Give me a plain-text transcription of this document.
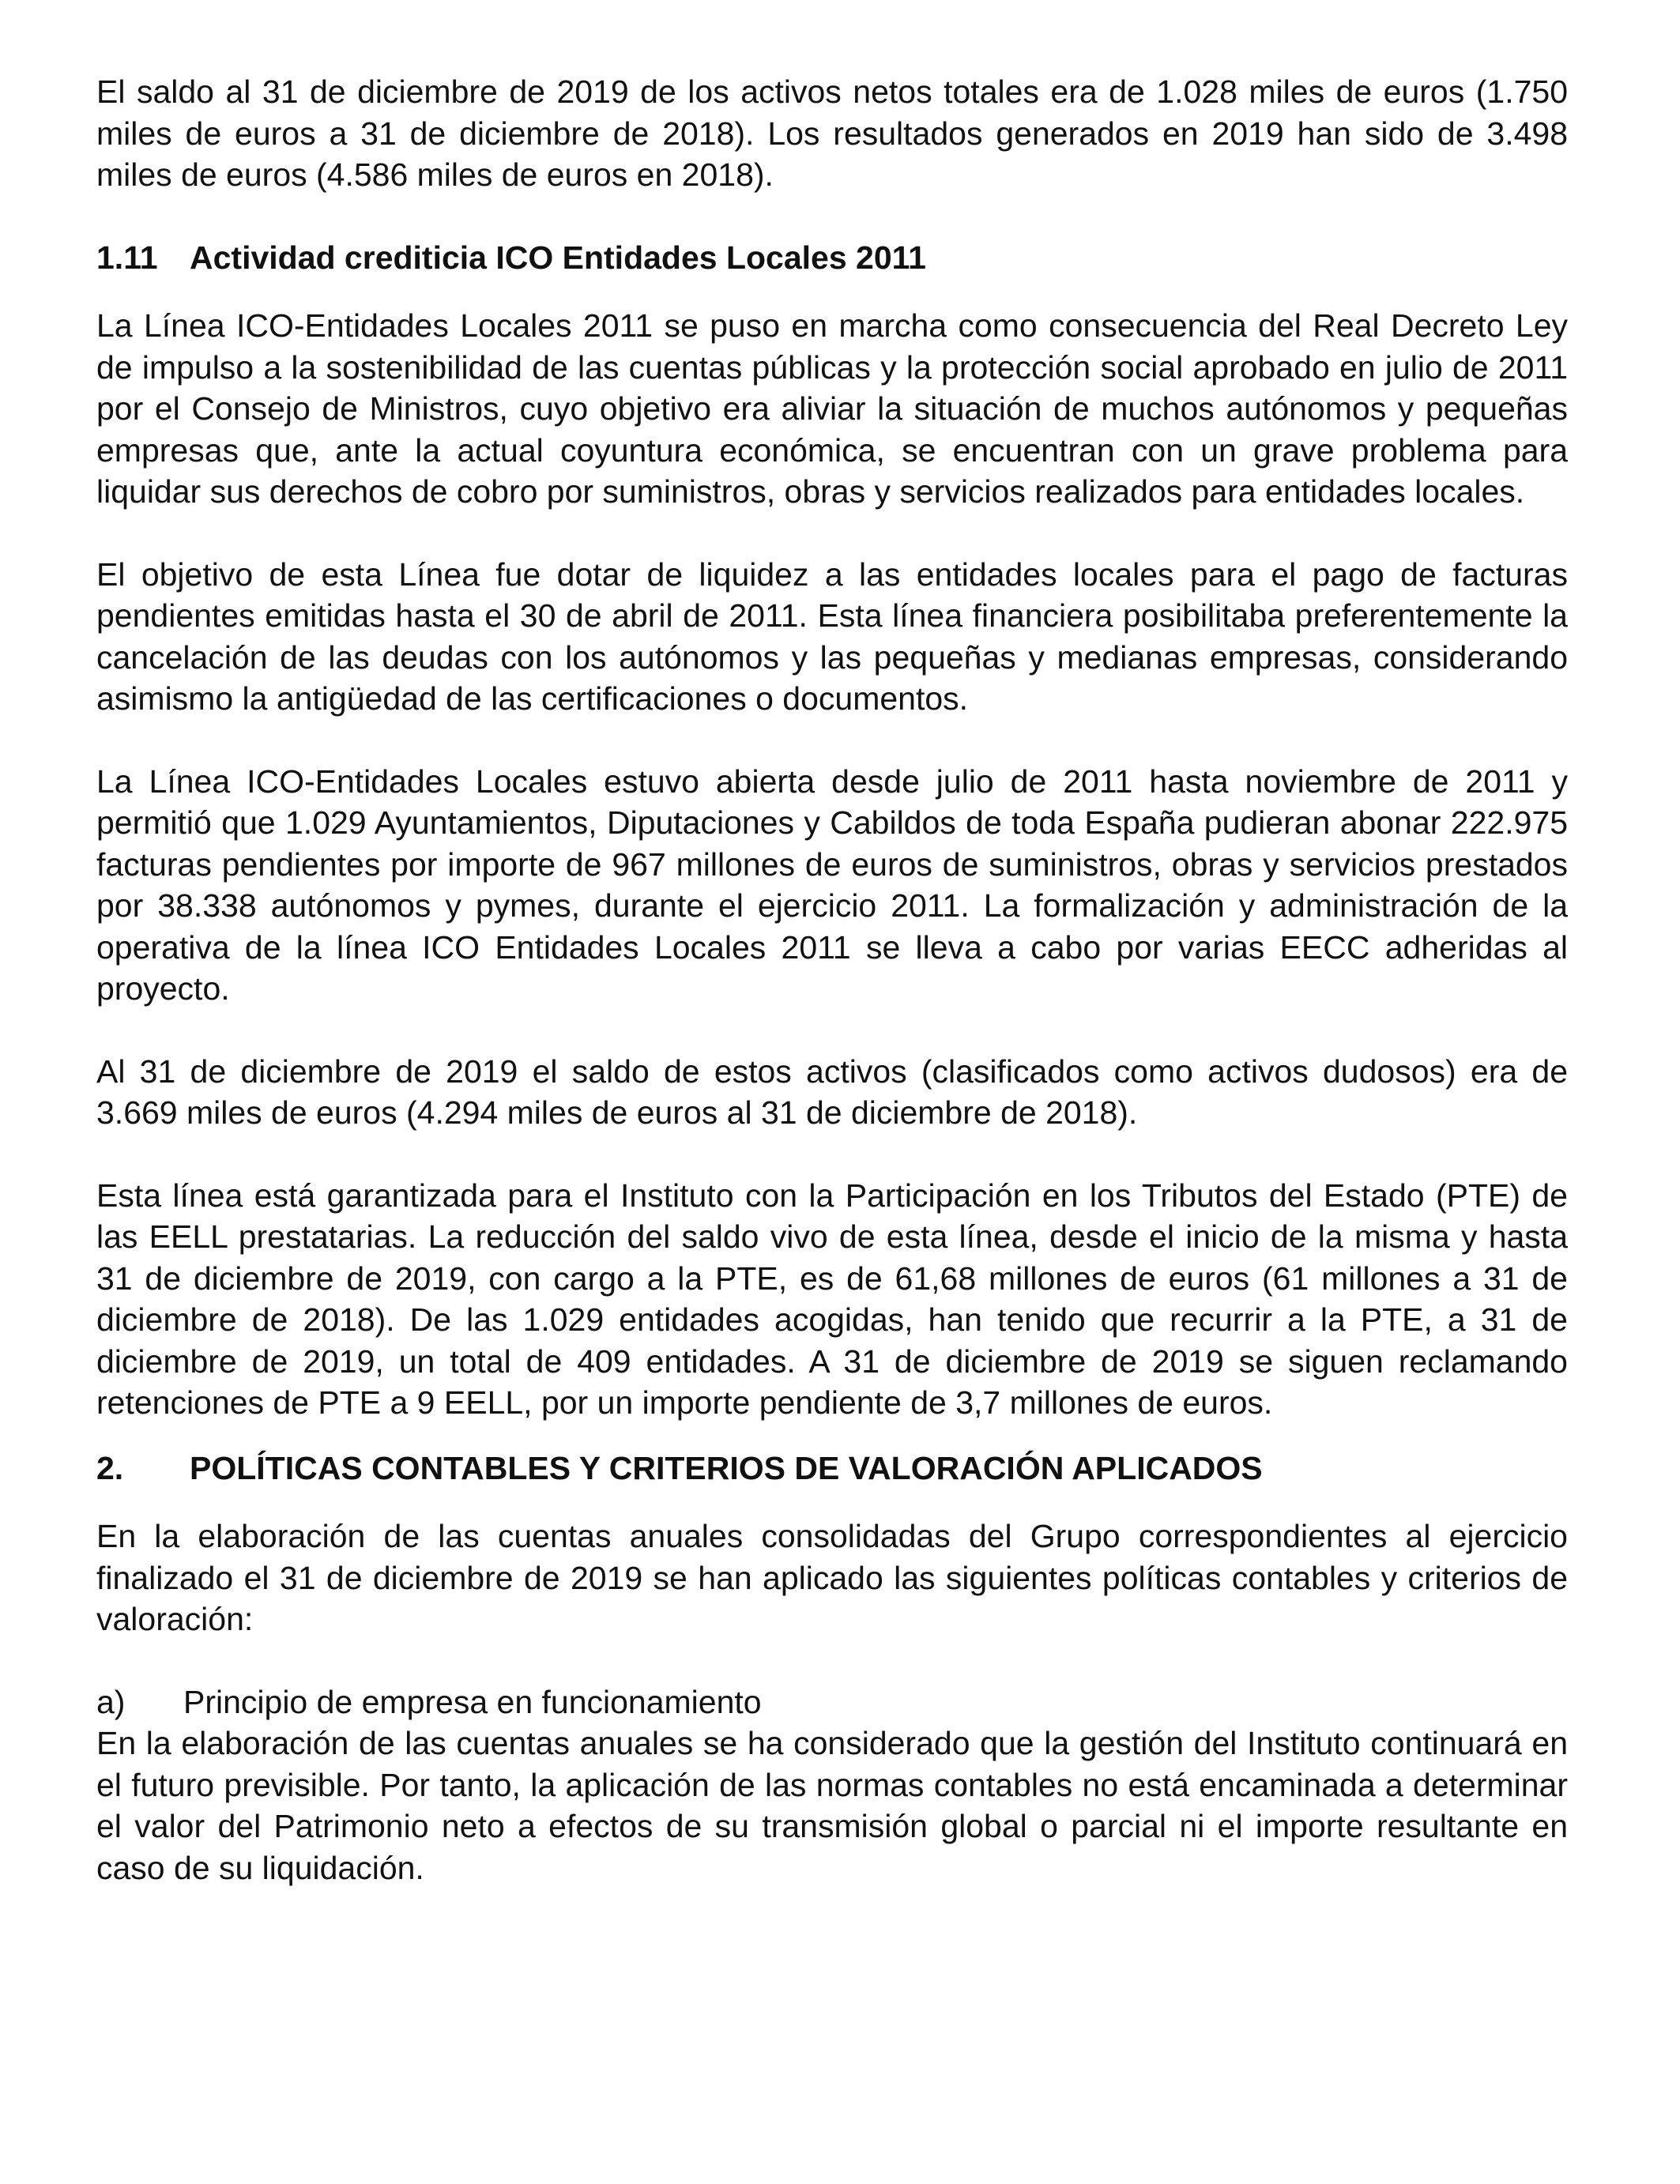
El saldo al 31 de diciembre de 2019 de los activos netos totales era de 1.028 miles de euros (1.750 miles de euros a 31 de diciembre de 2018). Los resultados generados en 2019 han sido de 3.498 miles de euros (4.586 miles de euros en 2018).

1.11 Actividad crediticia ICO Entidades Locales 2011

La Línea ICO-Entidades Locales 2011 se puso en marcha como consecuencia del Real Decreto Ley de impulso a la sostenibilidad de las cuentas públicas y la protección social aprobado en julio de 2011 por el Consejo de Ministros, cuyo objetivo era aliviar la situación de muchos autónomos y pequeñas empresas que, ante la actual coyuntura económica, se encuentran con un grave problema para liquidar sus derechos de cobro por suministros, obras y servicios realizados para entidades locales.

El objetivo de esta Línea fue dotar de liquidez a las entidades locales para el pago de facturas pendientes emitidas hasta el 30 de abril de 2011. Esta línea financiera posibilitaba preferentemente la cancelación de las deudas con los autónomos y las pequeñas y medianas empresas, considerando asimismo la antigüedad de las certificaciones o documentos.

La Línea ICO-Entidades Locales estuvo abierta desde julio de 2011 hasta noviembre de 2011 y permitió que 1.029 Ayuntamientos, Diputaciones y Cabildos de toda España pudieran abonar 222.975 facturas pendientes por importe de 967 millones de euros de suministros, obras y servicios prestados por 38.338 autónomos y pymes, durante el ejercicio 2011. La formalización y administración de la operativa de la línea ICO Entidades Locales 2011 se lleva a cabo por varias EECC adheridas al proyecto.

Al 31 de diciembre de 2019 el saldo de estos activos (clasificados como activos dudosos) era de 3.669 miles de euros (4.294 miles de euros al 31 de diciembre de 2018).

Esta línea está garantizada para el Instituto con la Participación en los Tributos del Estado (PTE) de las EELL prestatarias. La reducción del saldo vivo de esta línea, desde el inicio de la misma y hasta 31 de diciembre de 2019, con cargo a la PTE, es de 61,68 millones de euros (61 millones a 31 de diciembre de 2018). De las 1.029 entidades acogidas, han tenido que recurrir a la PTE, a 31 de diciembre de 2019, un total de 409 entidades. A 31 de diciembre de 2019 se siguen reclamando retenciones de PTE a 9 EELL, por un importe pendiente de 3,7 millones de euros.

2.	POLÍTICAS CONTABLES Y CRITERIOS DE VALORACIÓN APLICADOS

En la elaboración de las cuentas anuales consolidadas del Grupo correspondientes al ejercicio finalizado el 31 de diciembre de 2019 se han aplicado las siguientes políticas contables y criterios de valoración:

a)	Principio de empresa en funcionamiento

En la elaboración de las cuentas anuales se ha considerado que la gestión del Instituto continuará en el futuro previsible. Por tanto, la aplicación de las normas contables no está encaminada a determinar el valor del Patrimonio neto a efectos de su transmisión global o parcial ni el importe resultante en caso de su liquidación.
